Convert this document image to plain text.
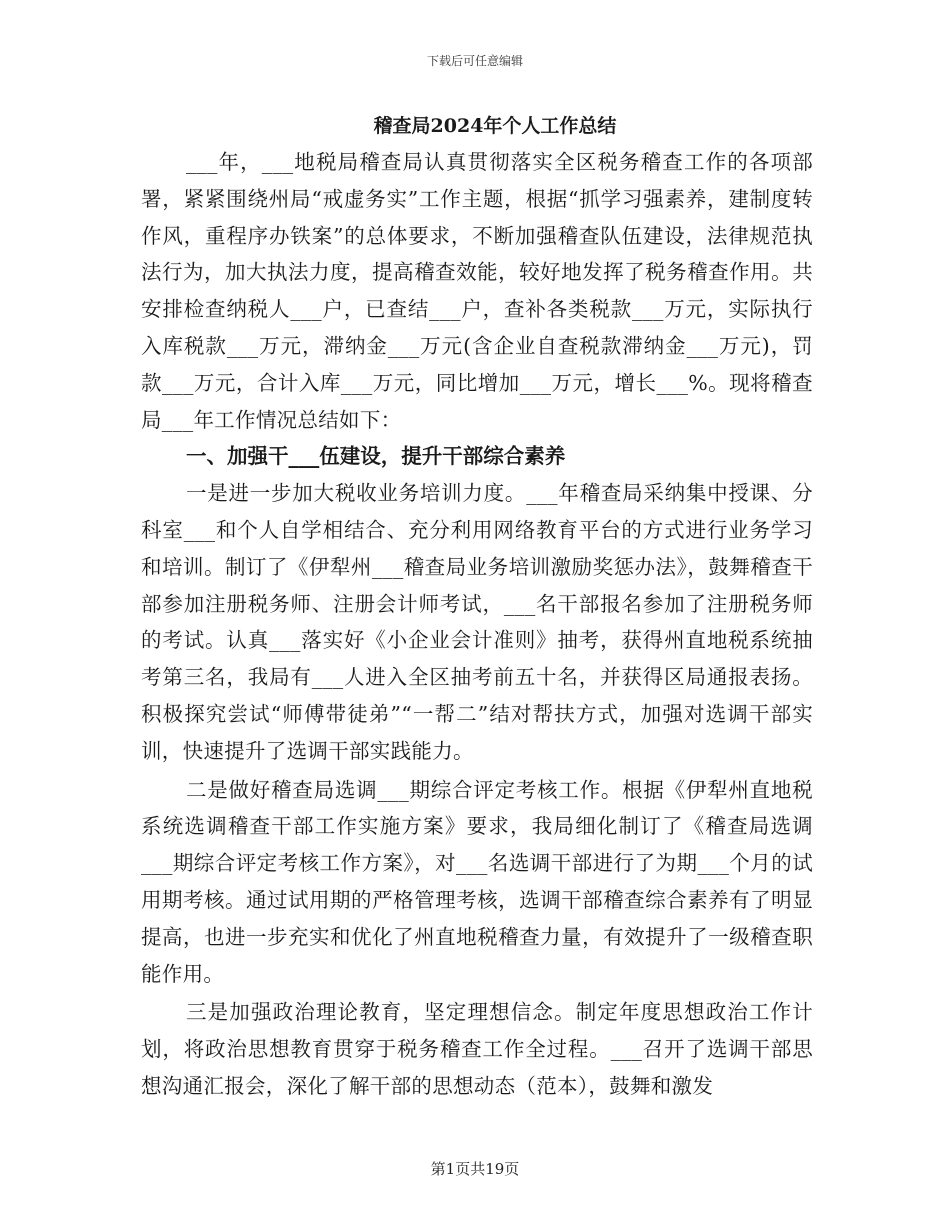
下载后可任意编辑
稽查局2024年个人工作总结

___年，___地税局稽查局认真贯彻落实全区税务稽查工作的各项部署，紧紧围绕州局“戒虚务实”工作主题，根据“抓学习强素养，建制度转作风，重程序办铁案”的总体要求，不断加强稽查队伍建设，法律规范执法行为，加大执法力度，提高稽查效能，较好地发挥了税务稽查作用。共安排检查纳税人___户，已查结___户，查补各类税款___万元，实际执行入库税款___万元，滞纳金___万元(含企业自查税款滞纳金___万元)，罚款___万元，合计入库___万元，同比增加___万元，增长___%。现将稽查局___年工作情况总结如下：

一、加强干___伍建设，提升干部综合素养

一是进一步加大税收业务培训力度。___年稽查局采纳集中授课、分科室___和个人自学相结合、充分利用网络教育平台的方式进行业务学习和培训。制订了《伊犁州___稽查局业务培训激励奖惩办法》，鼓舞稽查干部参加注册税务师、注册会计师考试，___名干部报名参加了注册税务师的考试。认真___落实好《小企业会计准则》抽考，获得州直地税系统抽考第三名，我局有___人进入全区抽考前五十名，并获得区局通报表扬。积极探究尝试“师傅带徒弟”“一帮二”结对帮扶方式，加强对选调干部实训，快速提升了选调干部实践能力。

二是做好稽查局选调___期综合评定考核工作。根据《伊犁州直地税系统选调稽查干部工作实施方案》要求，我局细化制订了《稽查局选调___期综合评定考核工作方案》，对___名选调干部进行了为期___个月的试用期考核。通过试用期的严格管理考核，选调干部稽查综合素养有了明显提高，也进一步充实和优化了州直地税稽查力量，有效提升了一级稽查职能作用。

三是加强政治理论教育，坚定理想信念。制定年度思想政治工作计划，将政治思想教育贯穿于税务稽查工作全过程。___召开了选调干部思想沟通汇报会，深化了解干部的思想动态（范本），鼓舞和激发

第1页共19页
